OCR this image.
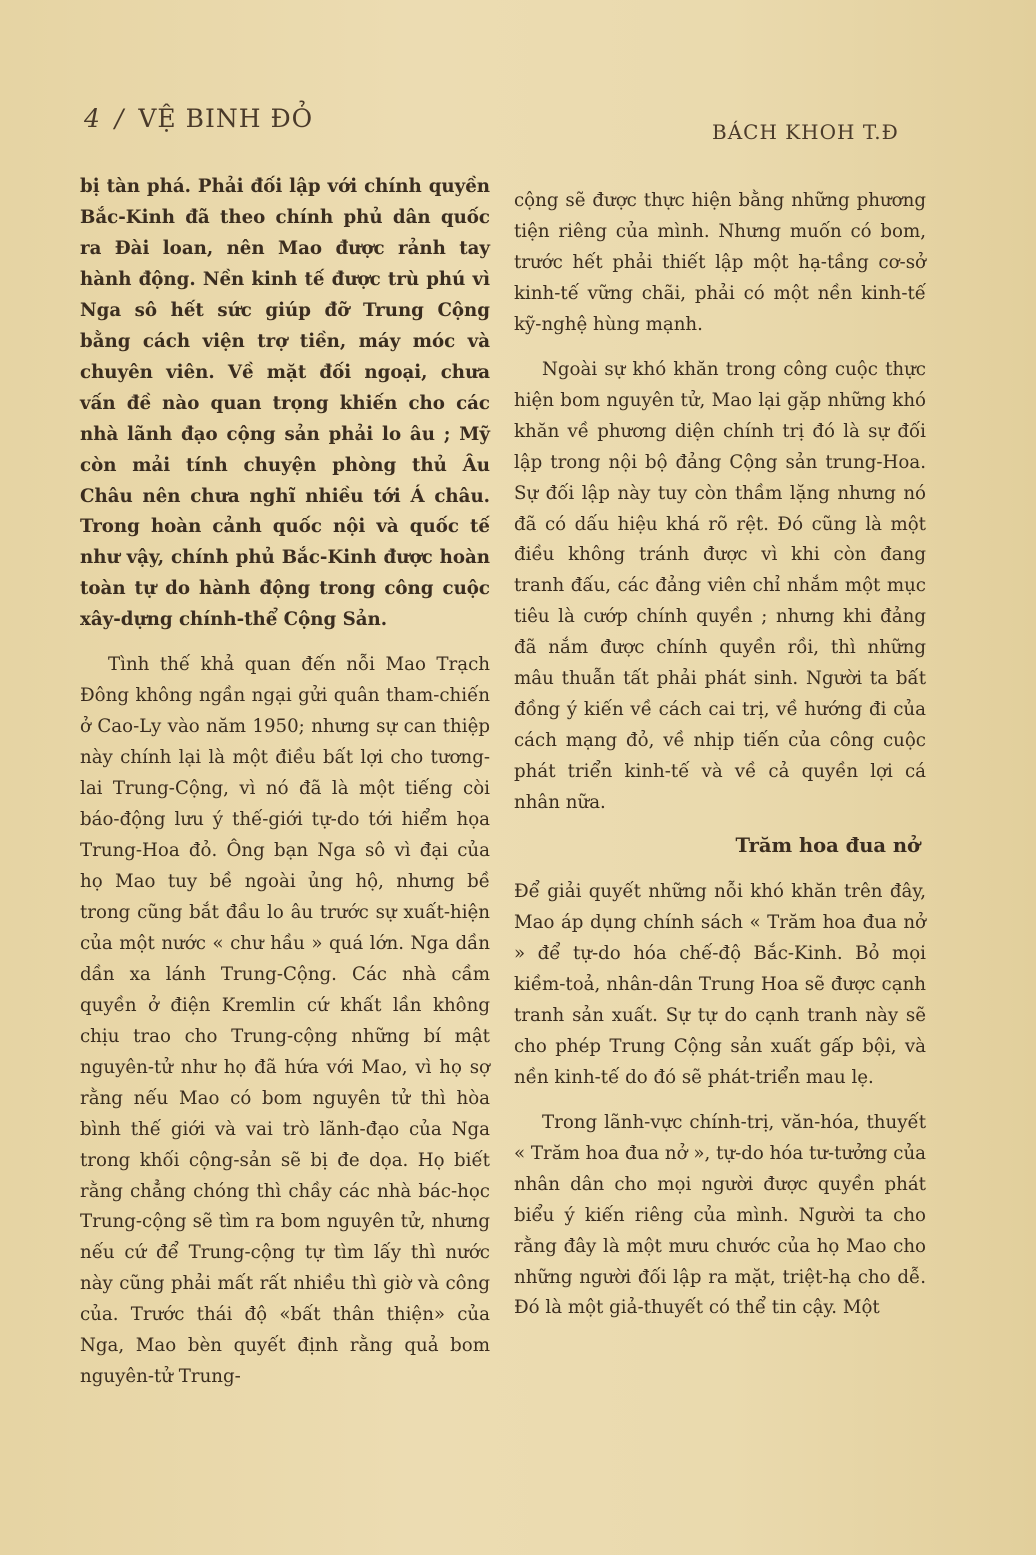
4 / VỆ BINH ĐỎ	BÁCH KHOH T.Đ

bị tàn phá. Phải đối lập với chính quyền Bắc-Kinh đã theo chính phủ dân quốc ra Đài loan, nên Mao được rảnh tay hành động. Nền kinh tế được trù phú vì Nga sô hết sức giúp đỡ Trung Cộng bằng cách viện trợ tiền, máy móc và chuyên viên. Về mặt đối ngoại, chưa vấn đề nào quan trọng khiến cho các nhà lãnh đạo cộng sản phải lo âu ; Mỹ còn mải tính chuyện phòng thủ Âu Châu nên chưa nghĩ nhiều tới Á châu. Trong hoàn cảnh quốc nội và quốc tế như vậy, chính phủ Bắc-Kinh được hoàn toàn tự do hành động trong công cuộc xây-dựng chính-thể Cộng Sản.

Tình thế khả quan đến nỗi Mao Trạch Đông không ngần ngại gửi quân tham-chiến ở Cao-Ly vào năm 1950; nhưng sự can thiệp này chính lại là một điều bất lợi cho tương-lai Trung-Cộng, vì nó đã là một tiếng còi báo-động lưu ý thế-giới tự-do tới hiểm họa Trung-Hoa đỏ. Ông bạn Nga sô vì đại của họ Mao tuy bề ngoài ủng hộ, nhưng bề trong cũng bắt đầu lo âu trước sự xuất-hiện của một nước « chư hầu » quá lớn. Nga dần dần xa lánh Trung-Cộng. Các nhà cầm quyền ở điện Kremlin cứ khất lần không chịu trao cho Trung-cộng những bí mật nguyên-tử như họ đã hứa với Mao, vì họ sợ rằng nếu Mao có bom nguyên tử thì hòa bình thế giới và vai trò lãnh-đạo của Nga trong khối cộng-sản sẽ bị đe dọa. Họ biết rằng chẳng chóng thì chầy các nhà bác-học Trung-cộng sẽ tìm ra bom nguyên tử, nhưng nếu cứ để Trung-cộng tự tìm lấy thì nước này cũng phải mất rất nhiều thì giờ và công của. Trước thái độ «bất thân thiện» của Nga, Mao bèn quyết định rằng quả bom nguyên-tử Trung-

cộng sẽ được thực hiện bằng những phương tiện riêng của mình. Nhưng muốn có bom, trước hết phải thiết lập một hạ-tầng cơ-sở kinh-tế vững chãi, phải có một nền kinh-tế kỹ-nghệ hùng mạnh.

Ngoài sự khó khăn trong công cuộc thực hiện bom nguyên tử, Mao lại gặp những khó khăn về phương diện chính trị đó là sự đối lập trong nội bộ đảng Cộng sản trung-Hoa. Sự đối lập này tuy còn thầm lặng nhưng nó đã có dấu hiệu khá rõ rệt. Đó cũng là một điều không tránh được vì khi còn đang tranh đấu, các đảng viên chỉ nhắm một mục tiêu là cướp chính quyền ; nhưng khi đảng đã nắm được chính quyền rồi, thì những mâu thuẫn tất phải phát sinh. Người ta bất đồng ý kiến về cách cai trị, về hướng đi của cách mạng đỏ, về nhịp tiến của công cuộc phát triển kinh-tế và về cả quyền lợi cá nhân nữa.

Trăm hoa đua nở

Để giải quyết những nỗi khó khăn trên đây, Mao áp dụng chính sách « Trăm hoa đua nở » để tự-do hóa chế-độ Bắc-Kinh. Bỏ mọi kiềm-toả, nhân-dân Trung Hoa sẽ được cạnh tranh sản xuất. Sự tự do cạnh tranh này sẽ cho phép Trung Cộng sản xuất gấp bội, và nền kinh-tế do đó sẽ phát-triển mau lẹ.

Trong lãnh-vực chính-trị, văn-hóa, thuyết « Trăm hoa đua nở », tự-do hóa tư-tưởng của nhân dân cho mọi người được quyền phát biểu ý kiến riêng của mình. Người ta cho rằng đây là một mưu chước của họ Mao cho những người đối lập ra mặt, triệt-hạ cho dễ. Đó là một giả-thuyết có thể tin cậy. Một
